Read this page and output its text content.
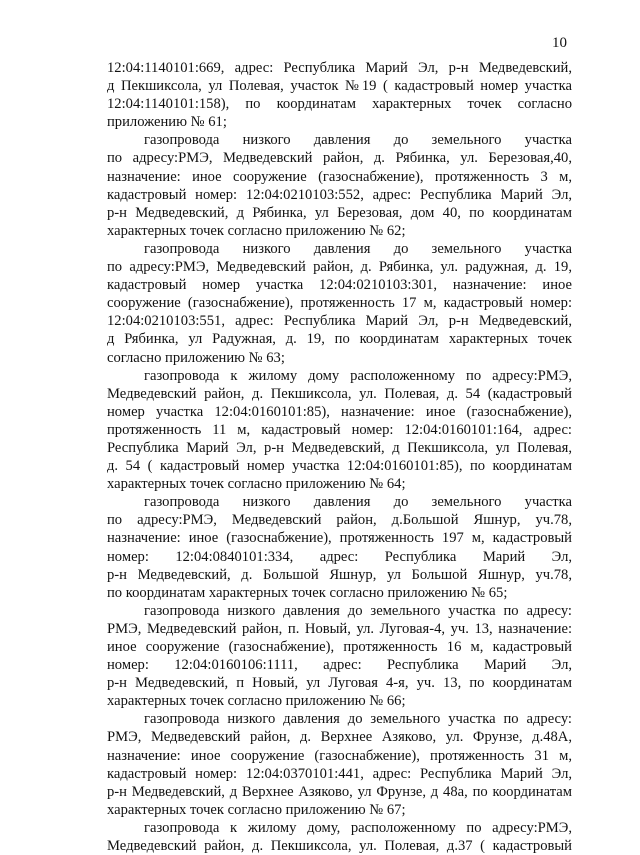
10
12:04:1140101:669, адрес: Республика Марий Эл, р-н Медведевский,
д Пекшиксола, ул Полевая, участок №19 ( кадастровый номер участка
12:04:1140101:158), по координатам характерных точек согласно
приложению № 61;
газопровода низкого давления до земельного участка
по адресу:РМЭ, Медведевский район, д. Рябинка, ул. Березовая,40,
назначение: иное сооружение (газоснабжение), протяженность 3 м,
кадастровый номер: 12:04:0210103:552, адрес: Республика Марий Эл,
р-н Медведевский, д Рябинка, ул Березовая, дом 40, по координатам
характерных точек согласно приложению № 62;
газопровода низкого давления до земельного участка
по адресу:РМЭ, Медведевский район, д. Рябинка, ул. радужная, д. 19,
кадастровый номер участка 12:04:0210103:301, назначение: иное
сооружение (газоснабжение), протяженность 17 м, кадастровый номер:
12:04:0210103:551, адрес: Республика Марий Эл, р-н Медведевский,
д Рябинка, ул Радужная, д. 19, по координатам характерных точек
согласно приложению № 63;
газопровода к жилому дому расположенному по адресу:РМЭ,
Медведевский район, д. Пекшиксола, ул. Полевая, д. 54 (кадастровый
номер участка 12:04:0160101:85), назначение: иное (газоснабжение),
протяженность 11 м, кадастровый номер: 12:04:0160101:164, адрес:
Республика Марий Эл, р-н Медведевский, д Пекшиксола, ул Полевая,
д. 54 ( кадастровый номер участка 12:04:0160101:85), по координатам
характерных точек согласно приложению № 64;
газопровода низкого давления до земельного участка
по адресу:РМЭ, Медведевский район, д.Большой Яшнур, уч.78,
назначение: иное (газоснабжение), протяженность 197 м, кадастровый
номер: 12:04:0840101:334, адрес: Республика Марий Эл,
р-н Медведевский, д. Большой Яшнур, ул Большой Яшнур, уч.78,
по координатам характерных точек согласно приложению № 65;
газопровода низкого давления до земельного участка по адресу:
РМЭ, Медведевский район, п. Новый, ул. Луговая-4, уч. 13, назначение:
иное сооружение (газоснабжение), протяженность 16 м, кадастровый
номер: 12:04:0160106:1111, адрес: Республика Марий Эл,
р-н Медведевский, п Новый, ул Луговая 4-я, уч. 13, по координатам
характерных точек согласно приложению № 66;
газопровода низкого давления до земельного участка по адресу:
РМЭ, Медведевский район, д. Верхнее Азяково, ул. Фрунзе, д.48А,
назначение: иное сооружение (газоснабжение), протяженность 31 м,
кадастровый номер: 12:04:0370101:441, адрес: Республика Марий Эл,
р-н Медведевский, д Верхнее Азяково, ул Фрунзе, д 48а, по координатам
характерных точек согласно приложению № 67;
газопровода к жилому дому, расположенному по адресу:РМЭ,
Медведевский район, д. Пекшиксола, ул. Полевая, д.37 ( кадастровый
